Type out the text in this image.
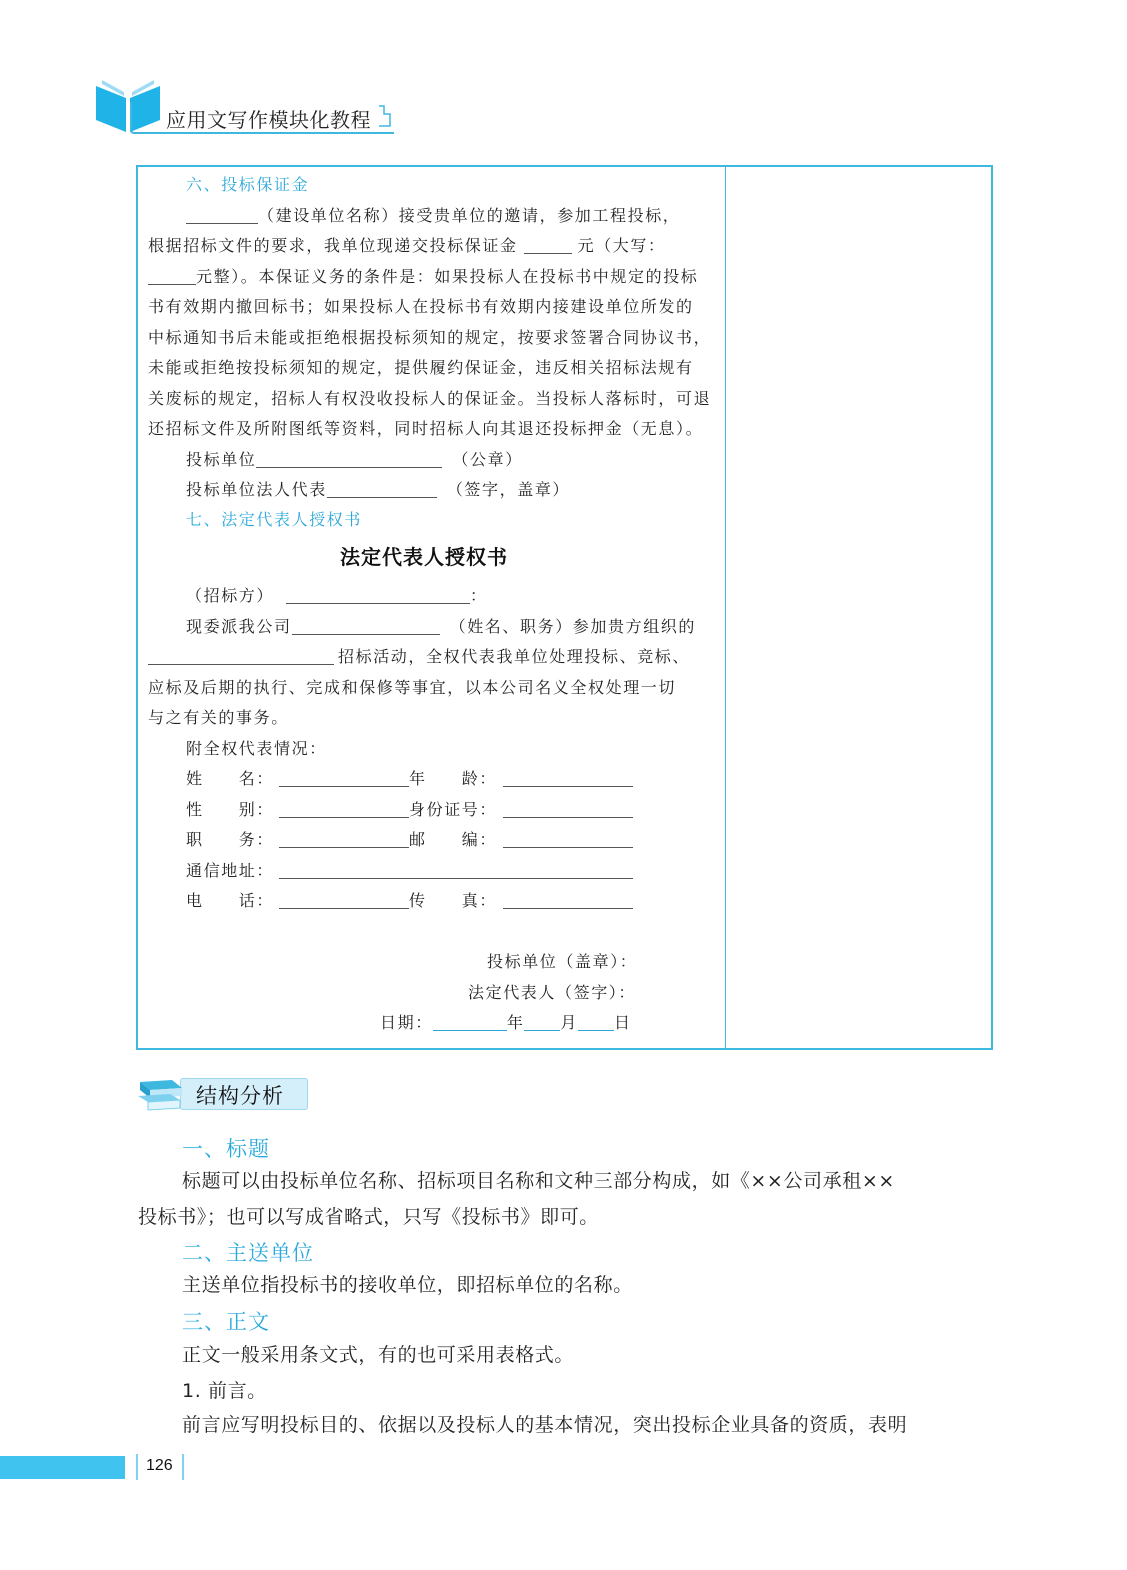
应用文写作模块化教程
六、投标保证金
（建设单位名称）接受贵单位的邀请，参加工程投标，
根据招标文件的要求，我单位现递交投标保证金	元（大写：
元整）。本保证义务的条件是：如果投标人在投标书中规定的投标
书有效期内撤回标书；如果投标人在投标书有效期内接建设单位所发的
中标通知书后未能或拒绝根据投标须知的规定，按要求签署合同协议书，
未能或拒绝按投标须知的规定，提供履约保证金，违反相关招标法规有
关废标的规定，招标人有权没收投标人的保证金。当投标人落标时，可退
还招标文件及所附图纸等资料，同时招标人向其退还投标押金（无息）。
投标单位	（公章）
投标单位法人代表	（签字，盖章）
七、法定代表人授权书
法定代表人授权书
（招标方）	：
现委派我公司	（姓名、职务）参加贵方组织的
招标活动，全权代表我单位处理投标、竞标、
应标及后期的执行、完成和保修等事宜，以本公司名义全权处理一切
与之有关的事务。
附全权代表情况：
姓　　名：	年　　龄：
性　　别：	身份证号：
职　　务：	邮　　编：
通信地址：
电　　话：	传　　真：
投标单位（盖章）：
法定代表人（签字）：
日期：	年 月 日
结构分析
一、标题
标题可以由投标单位名称、招标项目名称和文种三部分构成，如《××公司承租××
投标书》；也可以写成省略式，只写《投标书》即可。
二、主送单位
主送单位指投标书的接收单位，即招标单位的名称。
三、正文
正文一般采用条文式，有的也可采用表格式。
1. 前言。
前言应写明投标目的、依据以及投标人的基本情况，突出投标企业具备的资质，表明
126
